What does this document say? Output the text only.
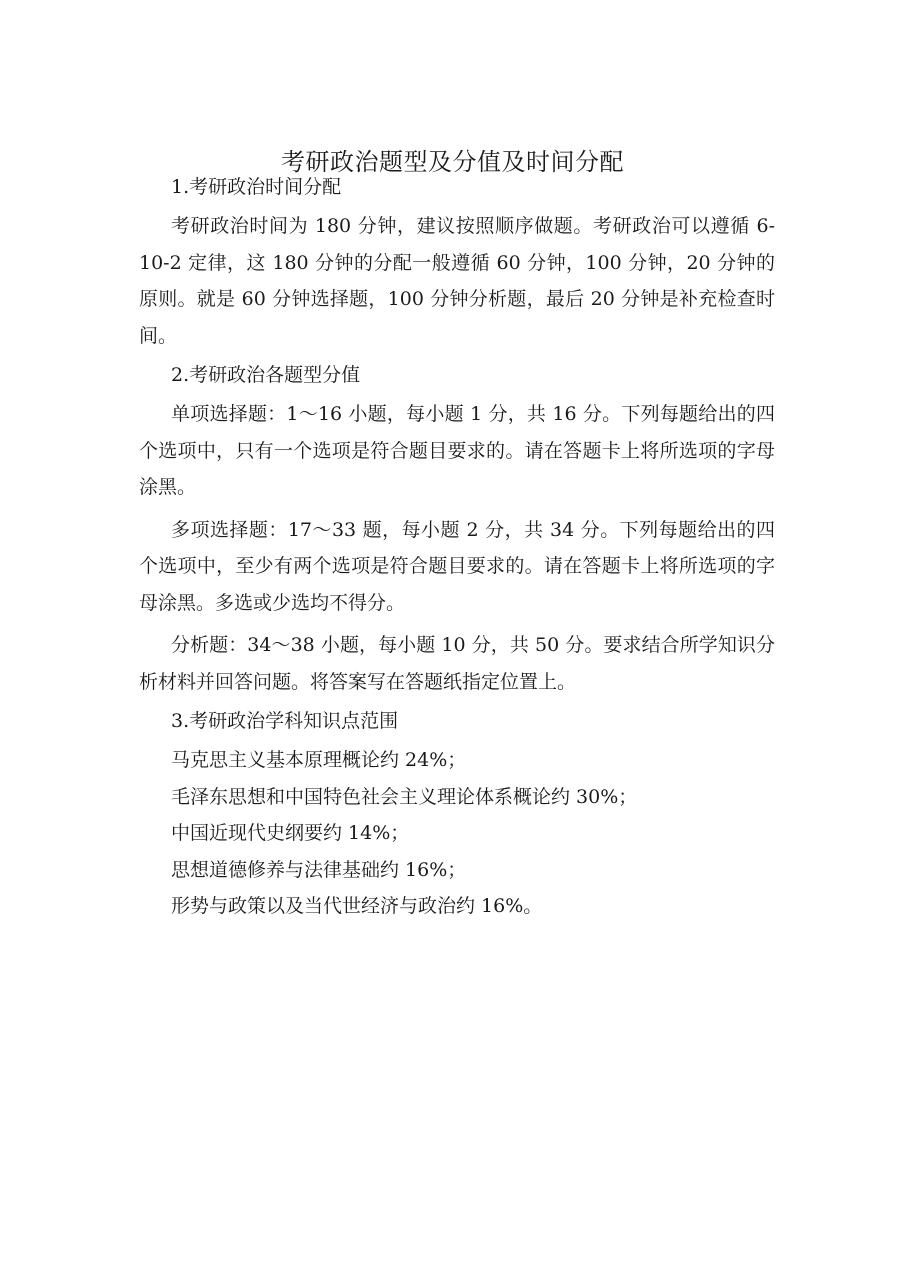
考研政治题型及分值及时间分配
1.考研政治时间分配

考研政治时间为 180 分钟，建议按照顺序做题。考研政治可以遵循 6-10-2 定律，这 180 分钟的分配一般遵循 60 分钟，100 分钟，20 分钟的原则。就是 60 分钟选择题，100 分钟分析题，最后 20 分钟是补充检查时间。

2.考研政治各题型分值

单项选择题：1～16 小题，每小题 1 分，共 16 分。下列每题给出的四个选项中，只有一个选项是符合题目要求的。请在答题卡上将所选项的字母涂黑。

多项选择题：17～33 题，每小题 2 分，共 34 分。下列每题给出的四个选项中，至少有两个选项是符合题目要求的。请在答题卡上将所选项的字母涂黑。多选或少选均不得分。

分析题：34～38 小题，每小题 10 分，共 50 分。要求结合所学知识分析材料并回答问题。将答案写在答题纸指定位置上。

3.考研政治学科知识点范围
马克思主义基本原理概论约 24%；
毛泽东思想和中国特色社会主义理论体系概论约 30%；
中国近现代史纲要约 14%；
思想道德修养与法律基础约 16%；
形势与政策以及当代世经济与政治约 16%。
